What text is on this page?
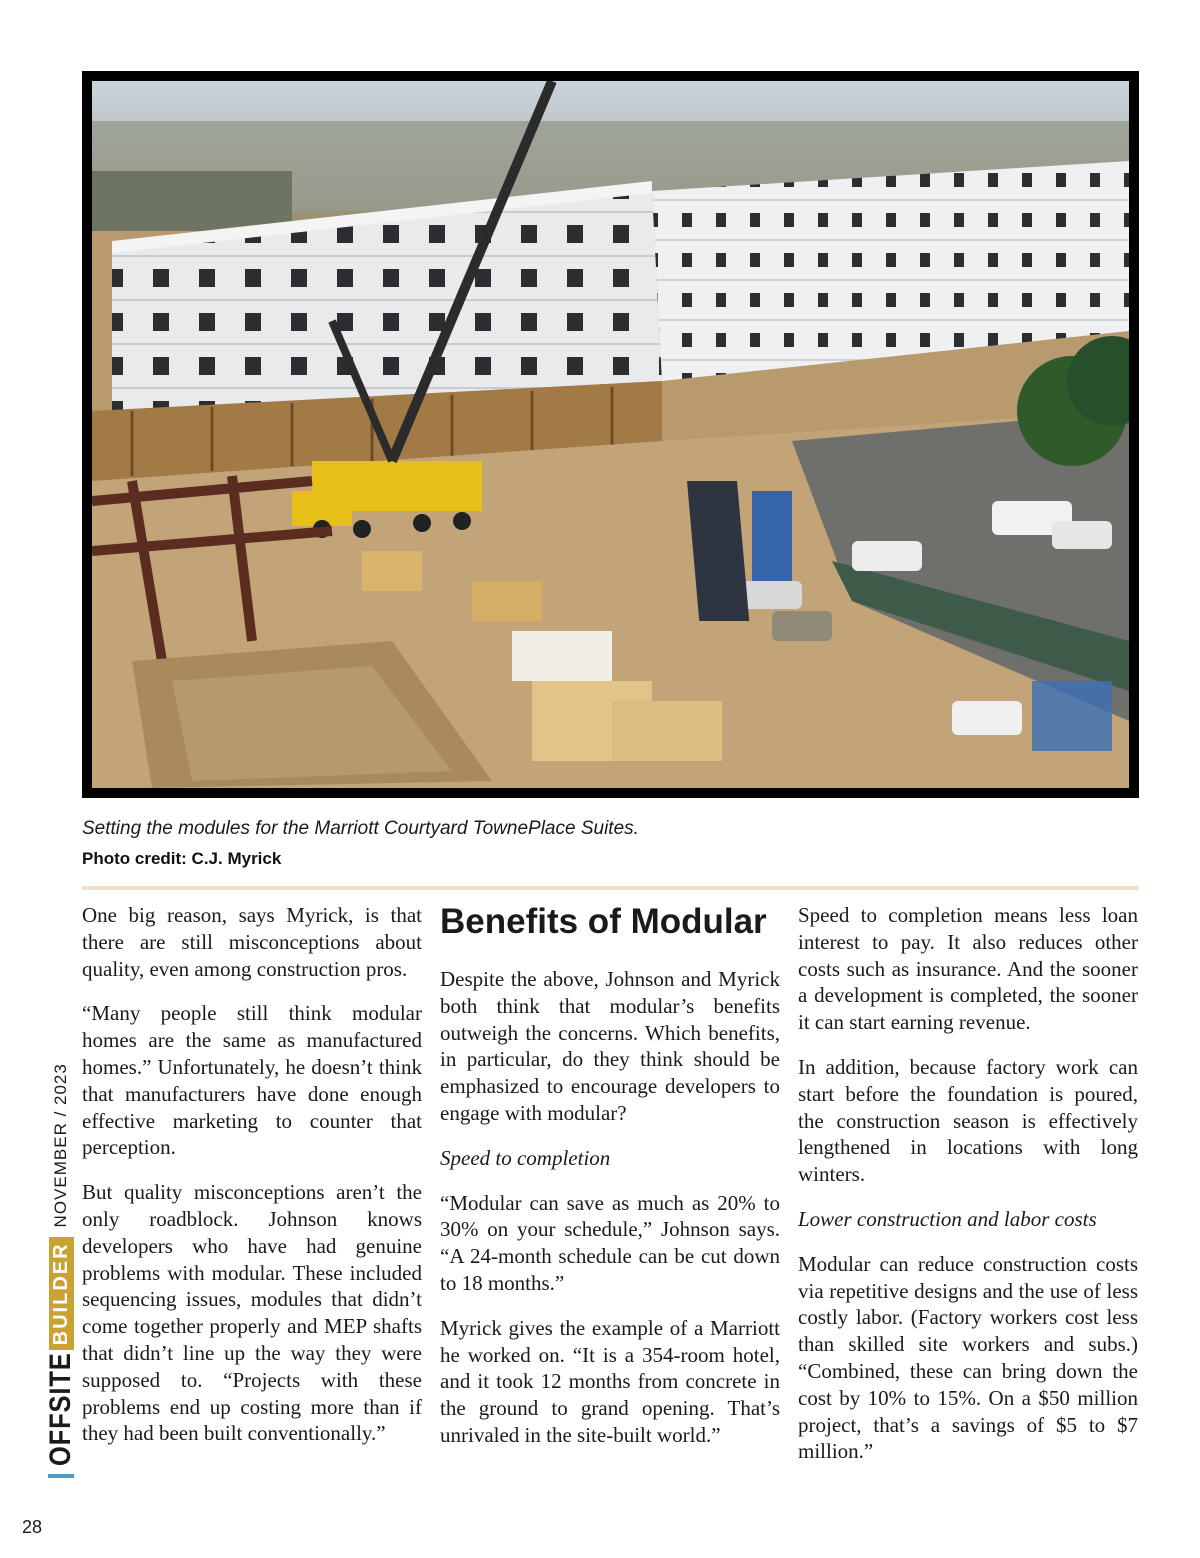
Setting the modules for the Marriott Courtyard TownePlace Suites.
Photo credit: C.J. Myrick

One big reason, says Myrick, is that there are still misconceptions about quality, even among construction pros.

“Many people still think modular homes are the same as manufactured homes.” Unfortunately, he doesn’t think that manufacturers have done enough effective marketing to counter that perception.

But quality misconceptions aren’t the only roadblock. Johnson knows developers who have had genuine problems with modular. These included sequencing issues, modules that didn’t come together properly and MEP shafts that didn’t line up the way they were supposed to. “Projects with these problems end up costing more than if they had been built conventionally.”

Benefits of Modular

Despite the above, Johnson and Myrick both think that modular’s benefits outweigh the concerns. Which benefits, in particular, do they think should be emphasized to encourage developers to engage with modular?

Speed to completion

“Modular can save as much as 20% to 30% on your schedule,” Johnson says. “A 24-month schedule can be cut down to 18 months.”

Myrick gives the example of a Marriott he worked on. “It is a 354-room hotel, and it took 12 months from concrete in the ground to grand opening. That’s unrivaled in the site-built world.”

Speed to completion means less loan interest to pay. It also reduces other costs such as insurance. And the sooner a development is completed, the sooner it can start earning revenue.

In addition, because factory work can start before the foundation is poured, the construction season is effectively lengthened in locations with long winters.

Lower construction and labor costs

Modular can reduce construction costs via repetitive designs and the use of less costly labor. (Factory workers cost less than skilled site workers and subs.) “Combined, these can bring down the cost by 10% to 15%. On a $50 million project, that’s a savings of $5 to $7 million.”

OFFSITE
BUILDER
NOVEMBER / 2023
28
